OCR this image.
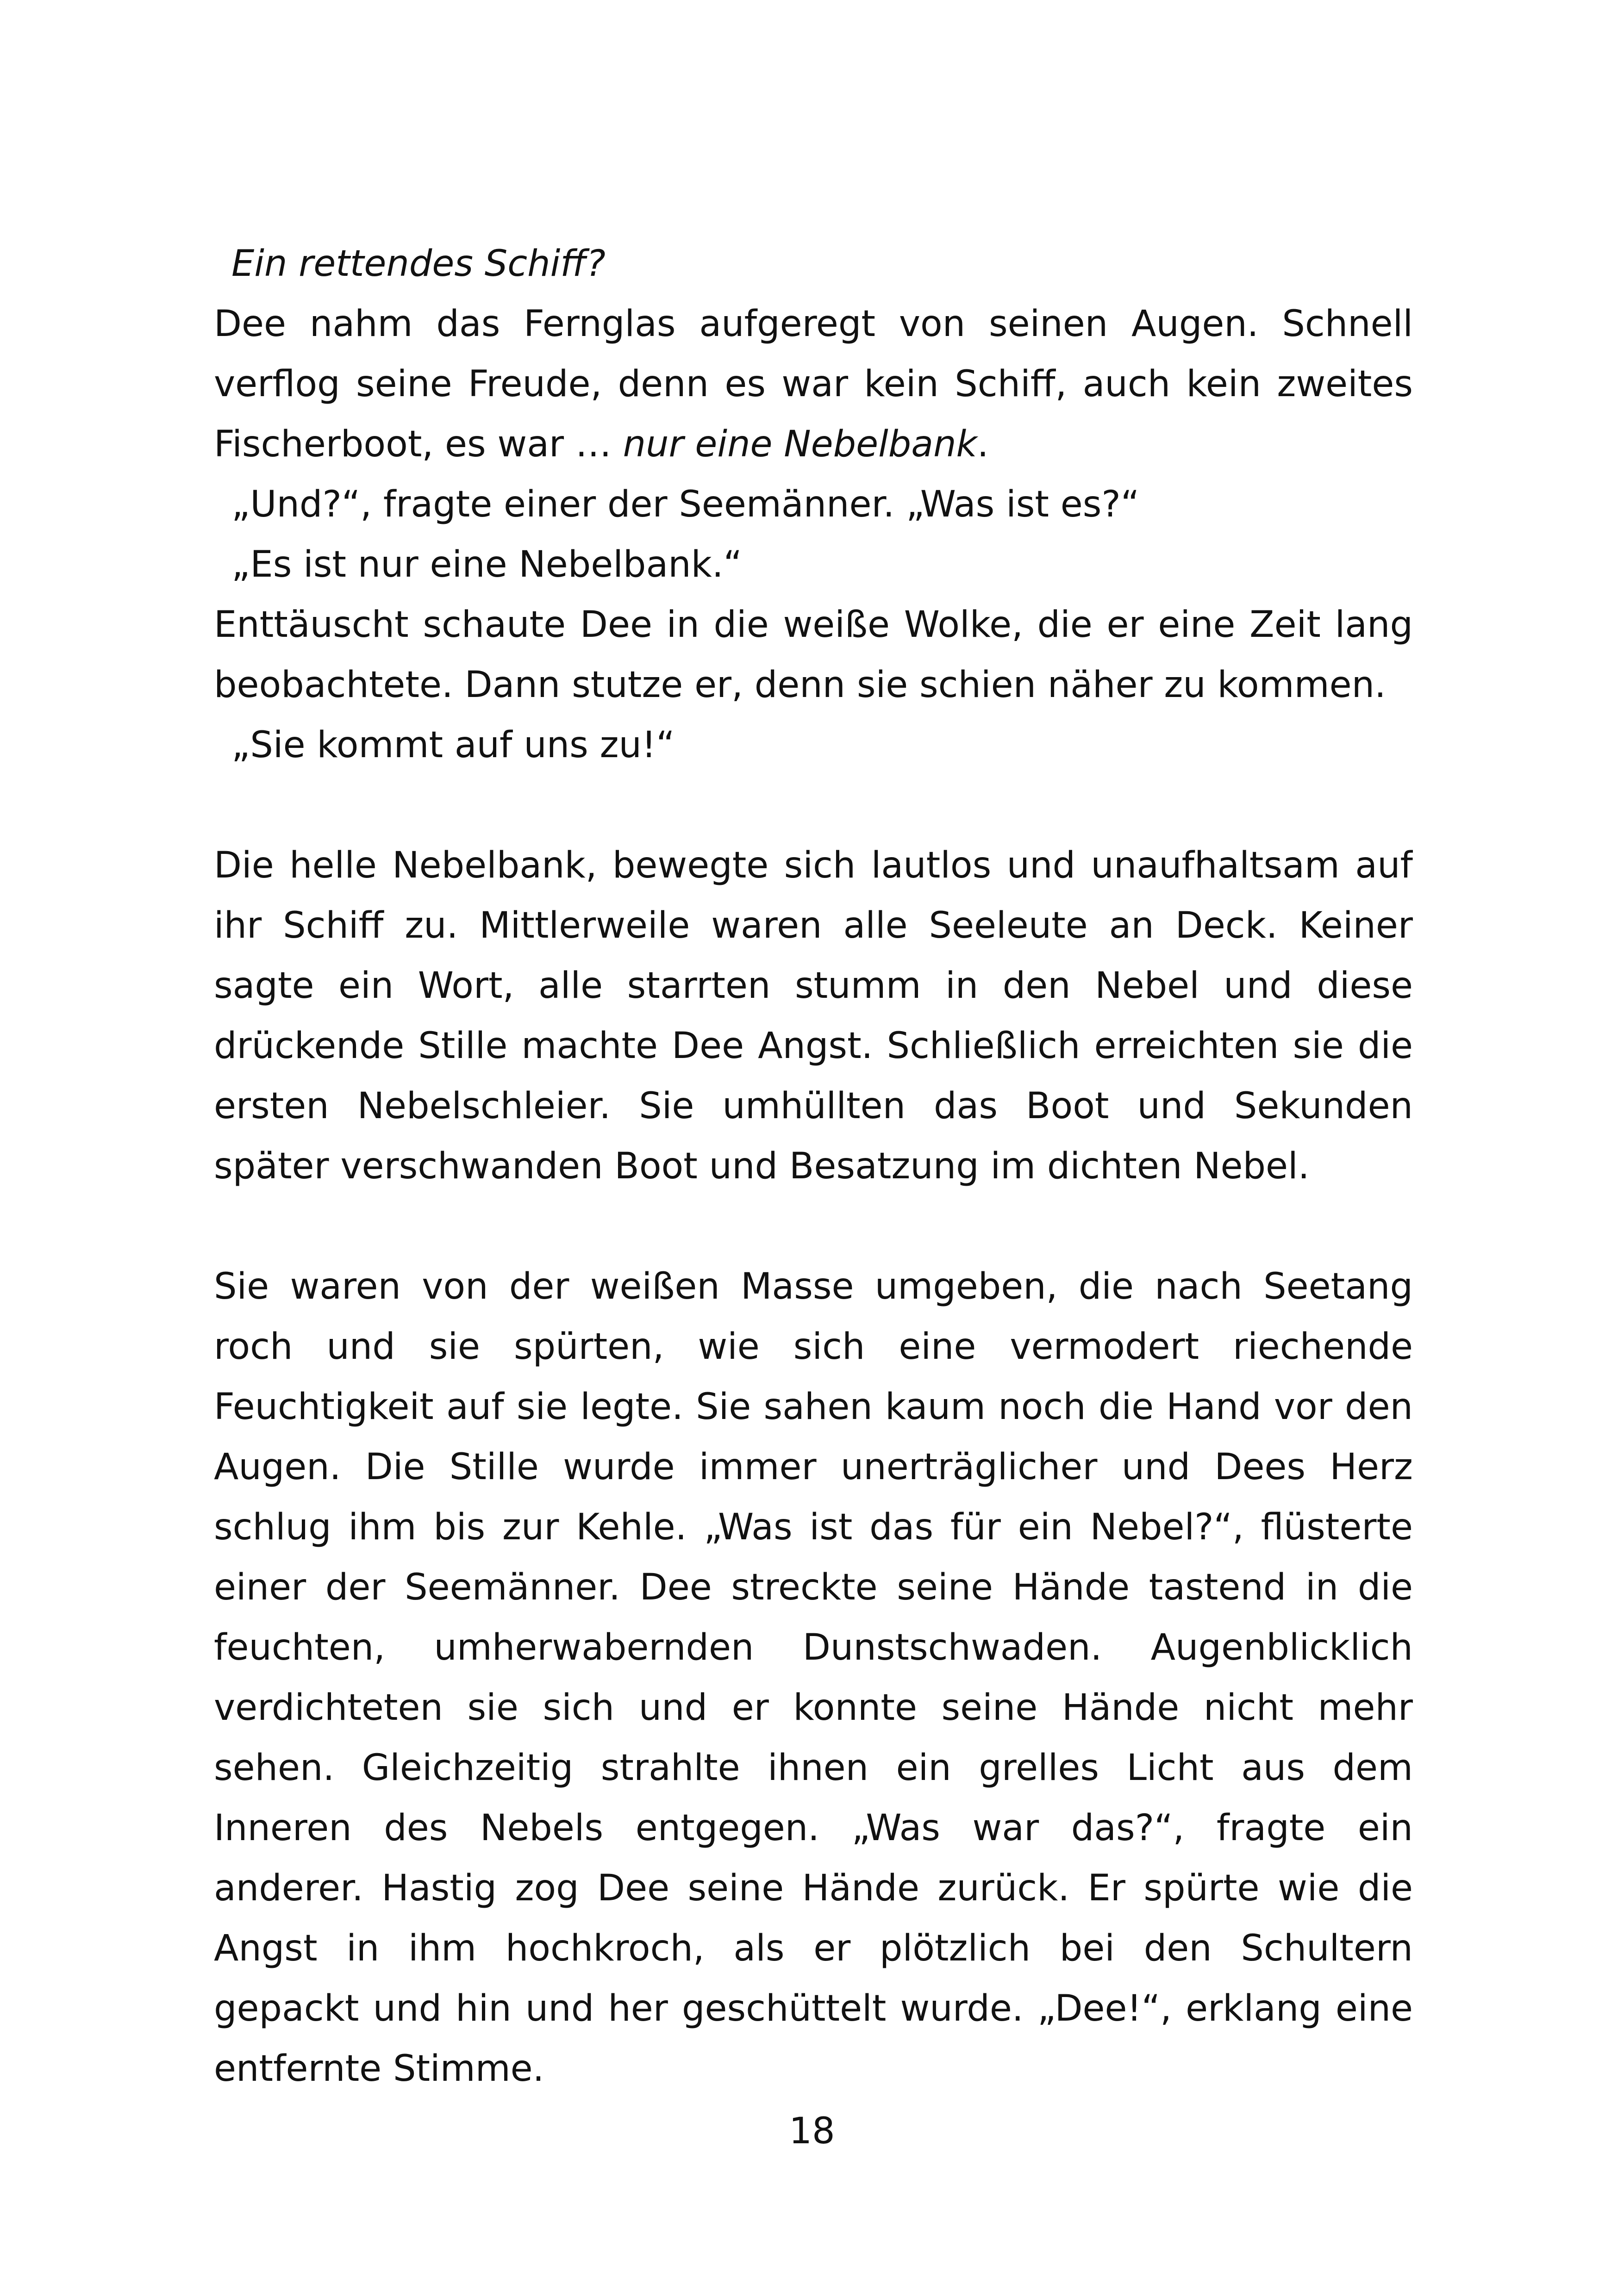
Ein rettendes Schiff?
Dee nahm das Fernglas aufgeregt von seinen Augen. Schnell
verflog seine Freude, denn es war kein Schiff, auch kein zweites
Fischerboot, es war … nur eine Nebelbank.
„Und?“, fragte einer der Seemänner. „Was ist es?“
„Es ist nur eine Nebelbank.“
Enttäuscht schaute Dee in die weiße Wolke, die er eine Zeit lang
beobachtete. Dann stutze er, denn sie schien näher zu kommen.
„Sie kommt auf uns zu!“
Die helle Nebelbank, bewegte sich lautlos und unaufhaltsam auf
ihr Schiff zu. Mittlerweile waren alle Seeleute an Deck. Keiner
sagte ein Wort, alle starrten stumm in den Nebel und diese
drückende Stille machte Dee Angst. Schließlich erreichten sie die
ersten Nebelschleier. Sie umhüllten das Boot und Sekunden
später verschwanden Boot und Besatzung im dichten Nebel.
Sie waren von der weißen Masse umgeben, die nach Seetang
roch und sie spürten, wie sich eine vermodert riechende
Feuchtigkeit auf sie legte. Sie sahen kaum noch die Hand vor den
Augen. Die Stille wurde immer unerträglicher und Dees Herz
schlug ihm bis zur Kehle. „Was ist das für ein Nebel?“, flüsterte
einer der Seemänner. Dee streckte seine Hände tastend in die
feuchten, umherwabernden Dunstschwaden. Augenblicklich
verdichteten sie sich und er konnte seine Hände nicht mehr
sehen. Gleichzeitig strahlte ihnen ein grelles Licht aus dem
Inneren des Nebels entgegen. „Was war das?“, fragte ein
anderer. Hastig zog Dee seine Hände zurück. Er spürte wie die
Angst in ihm hochkroch, als er plötzlich bei den Schultern
gepackt und hin und her geschüttelt wurde. „Dee!“, erklang eine
entfernte Stimme.
18
